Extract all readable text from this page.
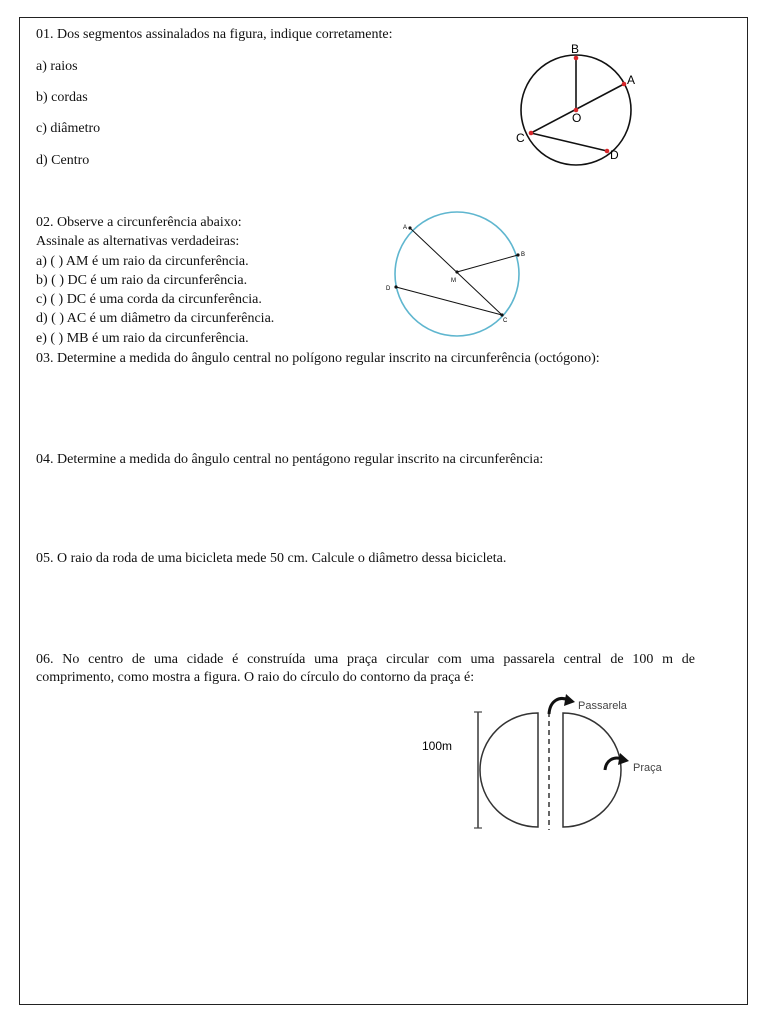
01. Dos segmentos assinalados na figura, indique corretamente:
a) raios
b) cordas
c) diâmetro
d) Centro
B
A
O
C
D
02. Observe a circunferência abaixo:
Assinale as alternativas verdadeiras:
a) ( ) AM é um raio da circunferência.
b) ( ) DC é um raio da circunferência.
c) ( ) DC é uma corda da circunferência.
d) ( ) AC é um diâmetro da circunferência.
e) ( ) MB é um raio da circunferência.
A
B
M
D
C
03. Determine a medida do ângulo central no polígono regular inscrito na circunferência (octógono):
04. Determine a medida do ângulo central no pentágono regular inscrito na circunferência:
05. O raio da roda de uma bicicleta mede 50 cm. Calcule o diâmetro dessa bicicleta.
06. No centro de uma cidade é construída uma praça circular com uma passarela central de 100 m de
comprimento, como mostra a figura. O raio do círculo do contorno da praça é:
100m
Passarela
Praça
